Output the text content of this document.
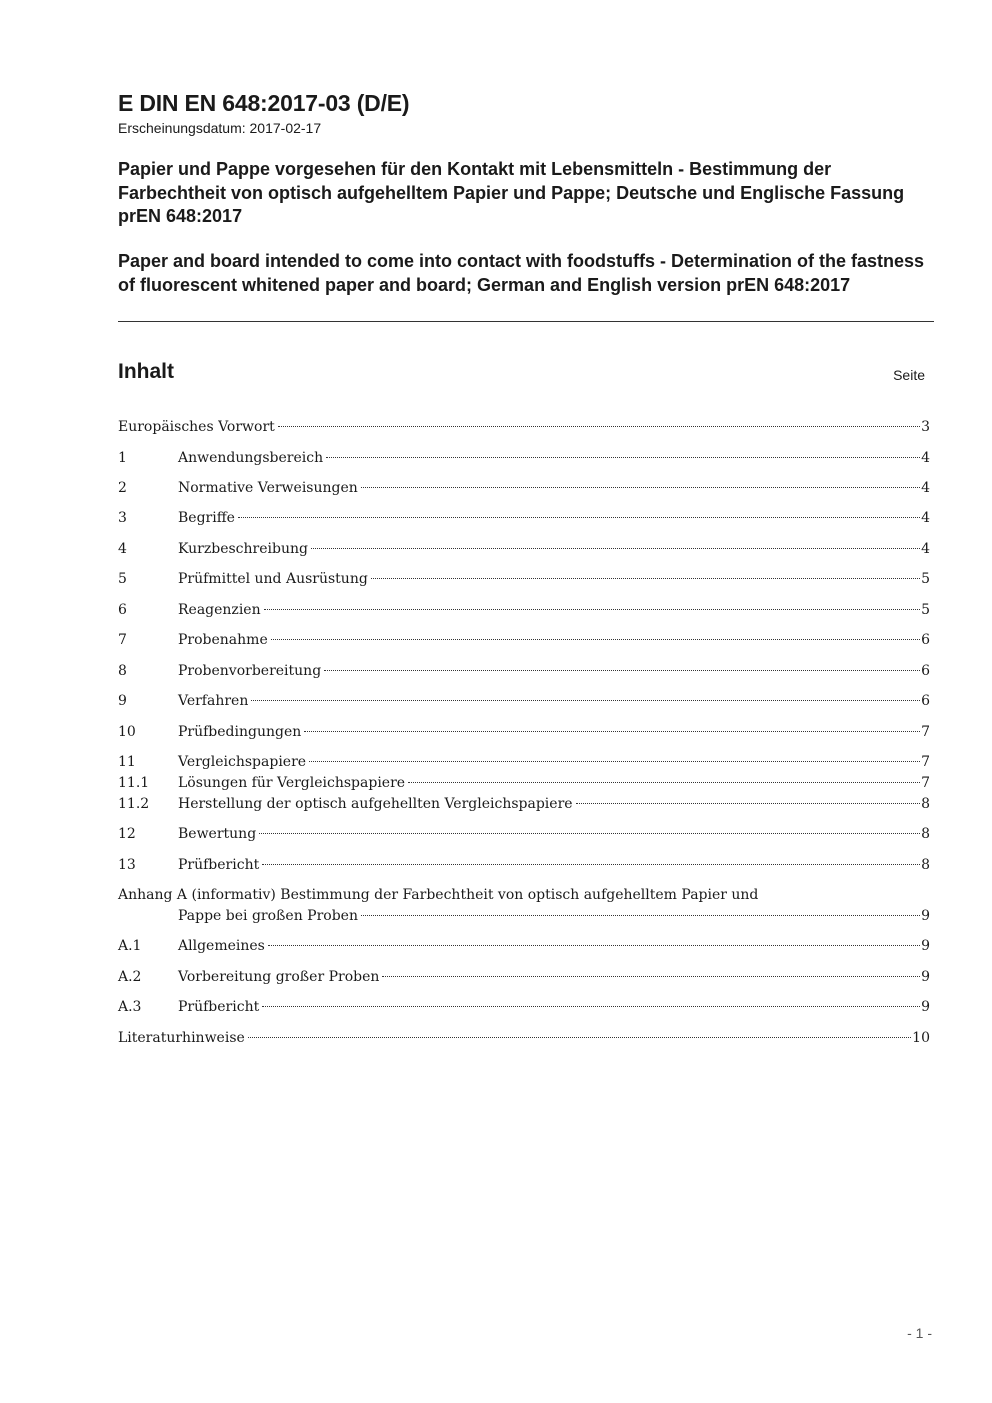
E DIN EN 648:2017-03 (D/E)

Erscheinungsdatum: 2017-02-17

Papier und Pappe vorgesehen für den Kontakt mit Lebensmitteln - Bestimmung der Farbechtheit von optisch aufgehelltem Papier und Pappe; Deutsche und Englische Fassung prEN 648:2017

Paper and board intended to come into contact with foodstuffs - Determination of the fastness of fluorescent whitened paper and board; German and English version prEN 648:2017

Inhalt	Seite
Europäisches Vorwort	3
1	Anwendungsbereich	4
2	Normative Verweisungen	4
3	Begriffe	4
4	Kurzbeschreibung	4
5	Prüfmittel und Ausrüstung	5
6	Reagenzien	5
7	Probenahme	6
8	Probenvorbereitung	6
9	Verfahren	6
10	Prüfbedingungen	7
11	Vergleichspapiere	7
11.1	Lösungen für Vergleichspapiere	7
11.2	Herstellung der optisch aufgehellten Vergleichspapiere	8
12	Bewertung	8
13	Prüfbericht	8
Anhang A (informativ) Bestimmung der Farbechtheit von optisch aufgehelltem Papier und
Pappe bei großen Proben	9
A.1	Allgemeines	9
A.2	Vorbereitung großer Proben	9
A.3	Prüfbericht	9
Literaturhinweise	10
- 1 -
